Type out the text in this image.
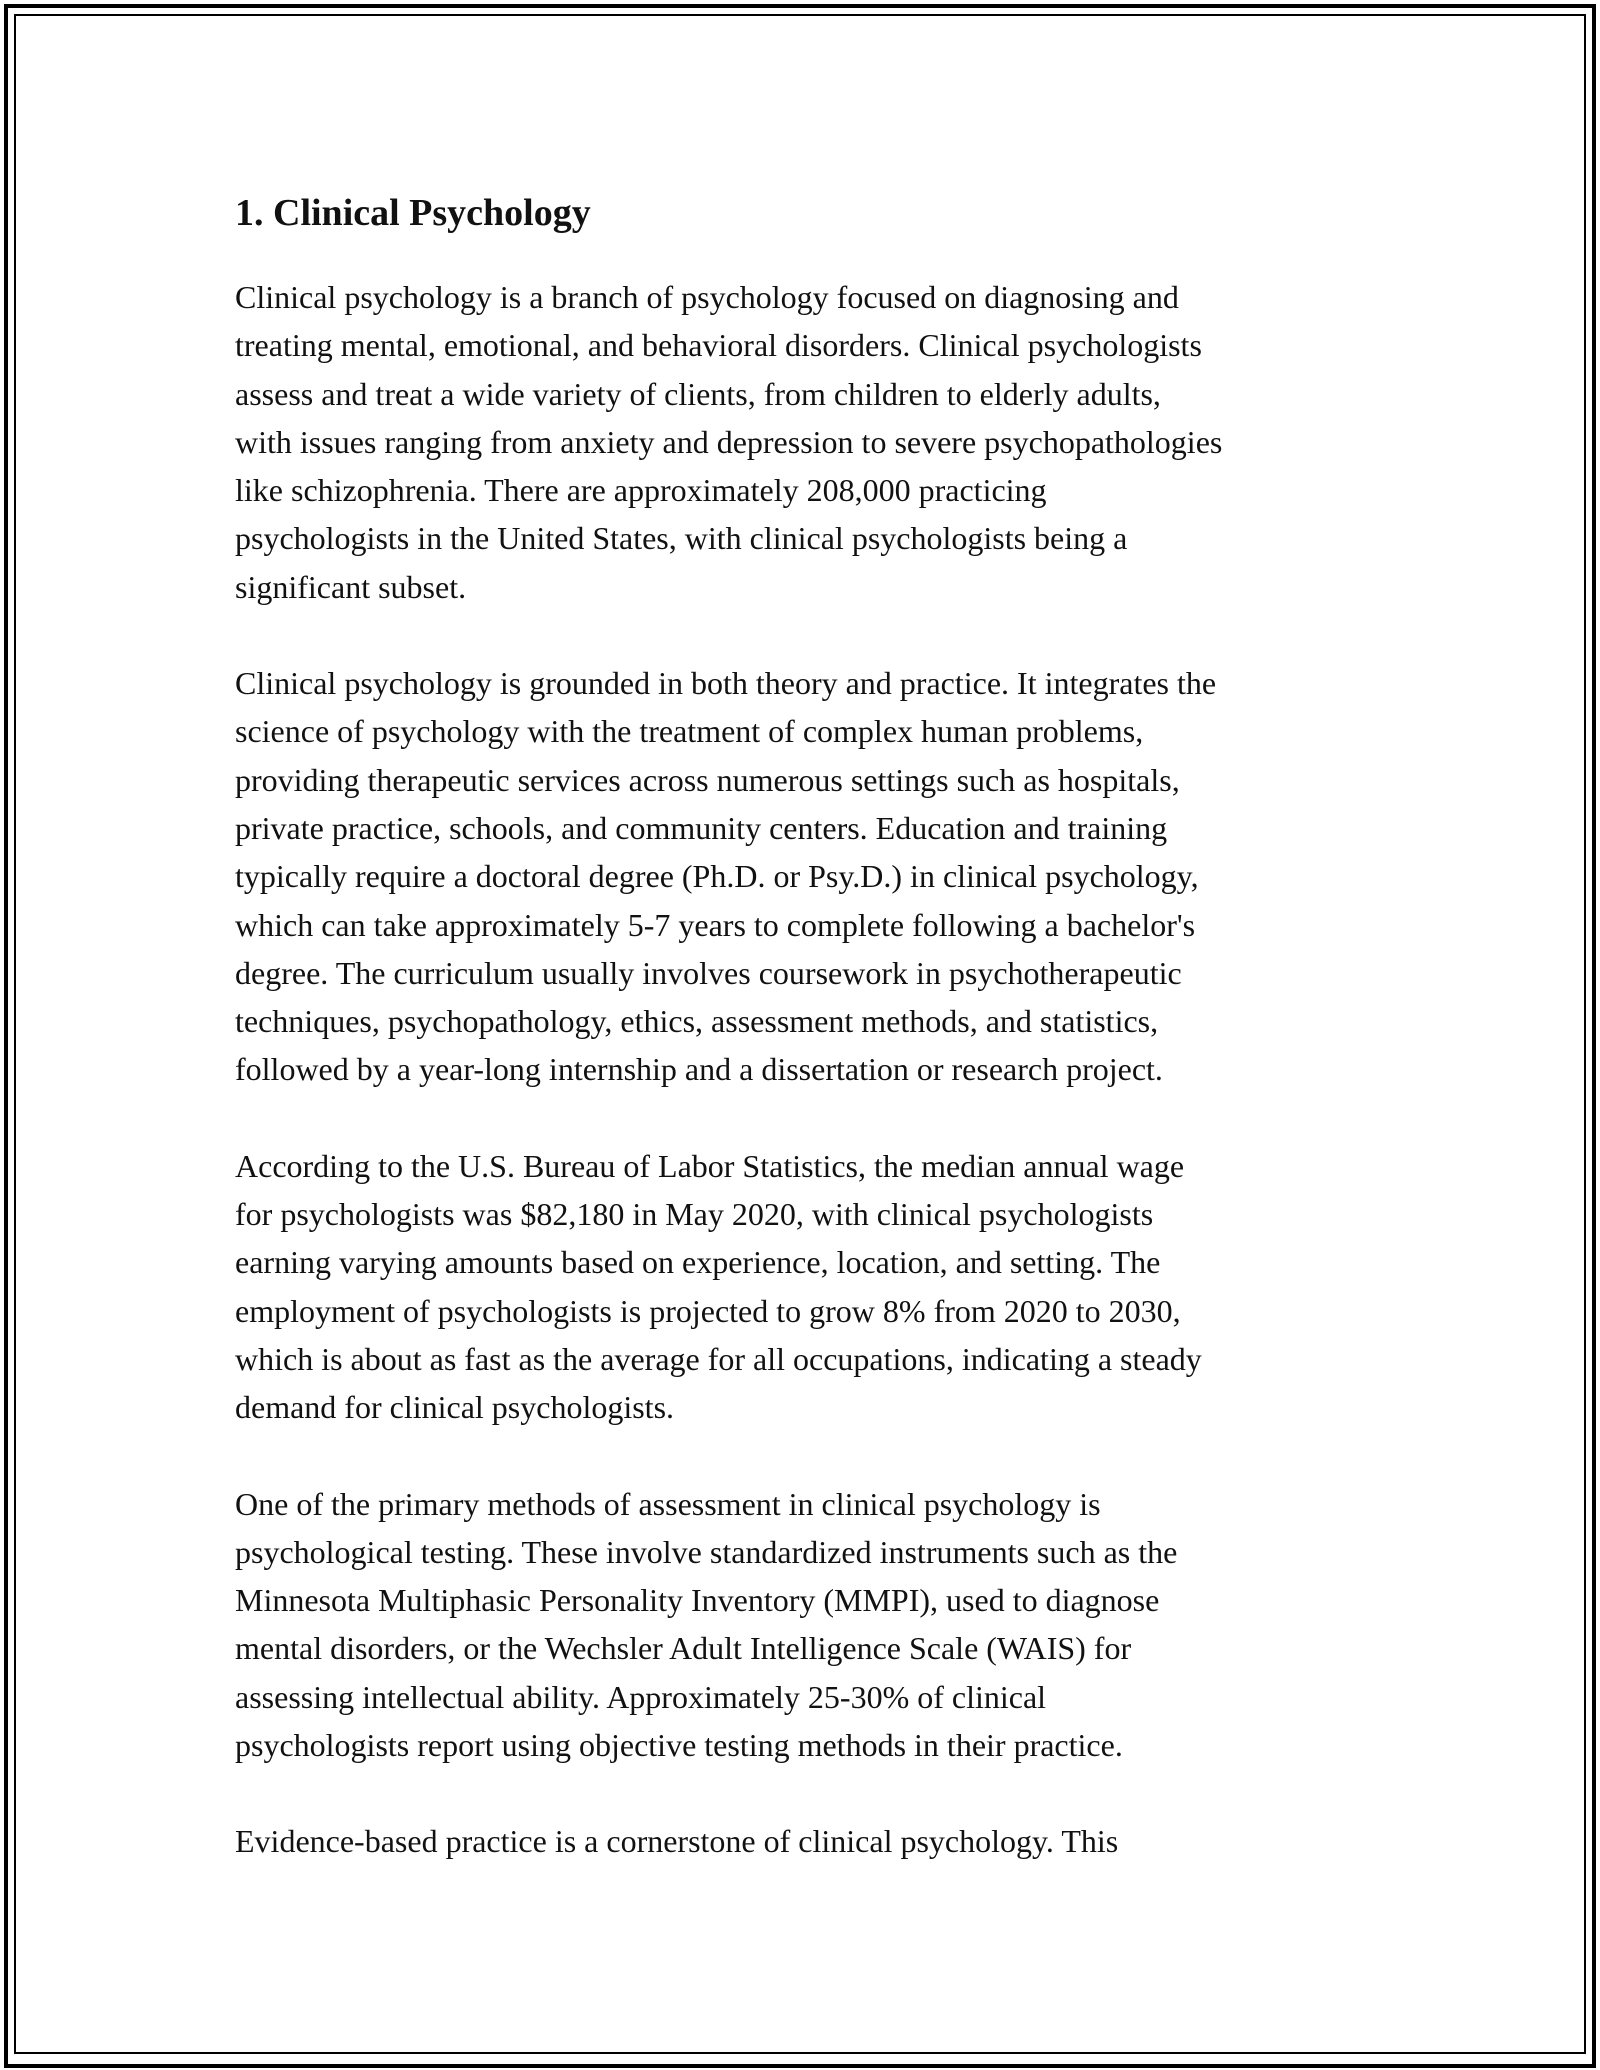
1. Clinical Psychology

Clinical psychology is a branch of psychology focused on diagnosing and
treating mental, emotional, and behavioral disorders. Clinical psychologists
assess and treat a wide variety of clients, from children to elderly adults,
with issues ranging from anxiety and depression to severe psychopathologies
like schizophrenia. There are approximately 208,000 practicing
psychologists in the United States, with clinical psychologists being a
significant subset.

Clinical psychology is grounded in both theory and practice. It integrates the
science of psychology with the treatment of complex human problems,
providing therapeutic services across numerous settings such as hospitals,
private practice, schools, and community centers. Education and training
typically require a doctoral degree (Ph.D. or Psy.D.) in clinical psychology,
which can take approximately 5-7 years to complete following a bachelor's
degree. The curriculum usually involves coursework in psychotherapeutic
techniques, psychopathology, ethics, assessment methods, and statistics,
followed by a year-long internship and a dissertation or research project.

According to the U.S. Bureau of Labor Statistics, the median annual wage
for psychologists was $82,180 in May 2020, with clinical psychologists
earning varying amounts based on experience, location, and setting. The
employment of psychologists is projected to grow 8% from 2020 to 2030,
which is about as fast as the average for all occupations, indicating a steady
demand for clinical psychologists.

One of the primary methods of assessment in clinical psychology is
psychological testing. These involve standardized instruments such as the
Minnesota Multiphasic Personality Inventory (MMPI), used to diagnose
mental disorders, or the Wechsler Adult Intelligence Scale (WAIS) for
assessing intellectual ability. Approximately 25-30% of clinical
psychologists report using objective testing methods in their practice.

Evidence-based practice is a cornerstone of clinical psychology. This
